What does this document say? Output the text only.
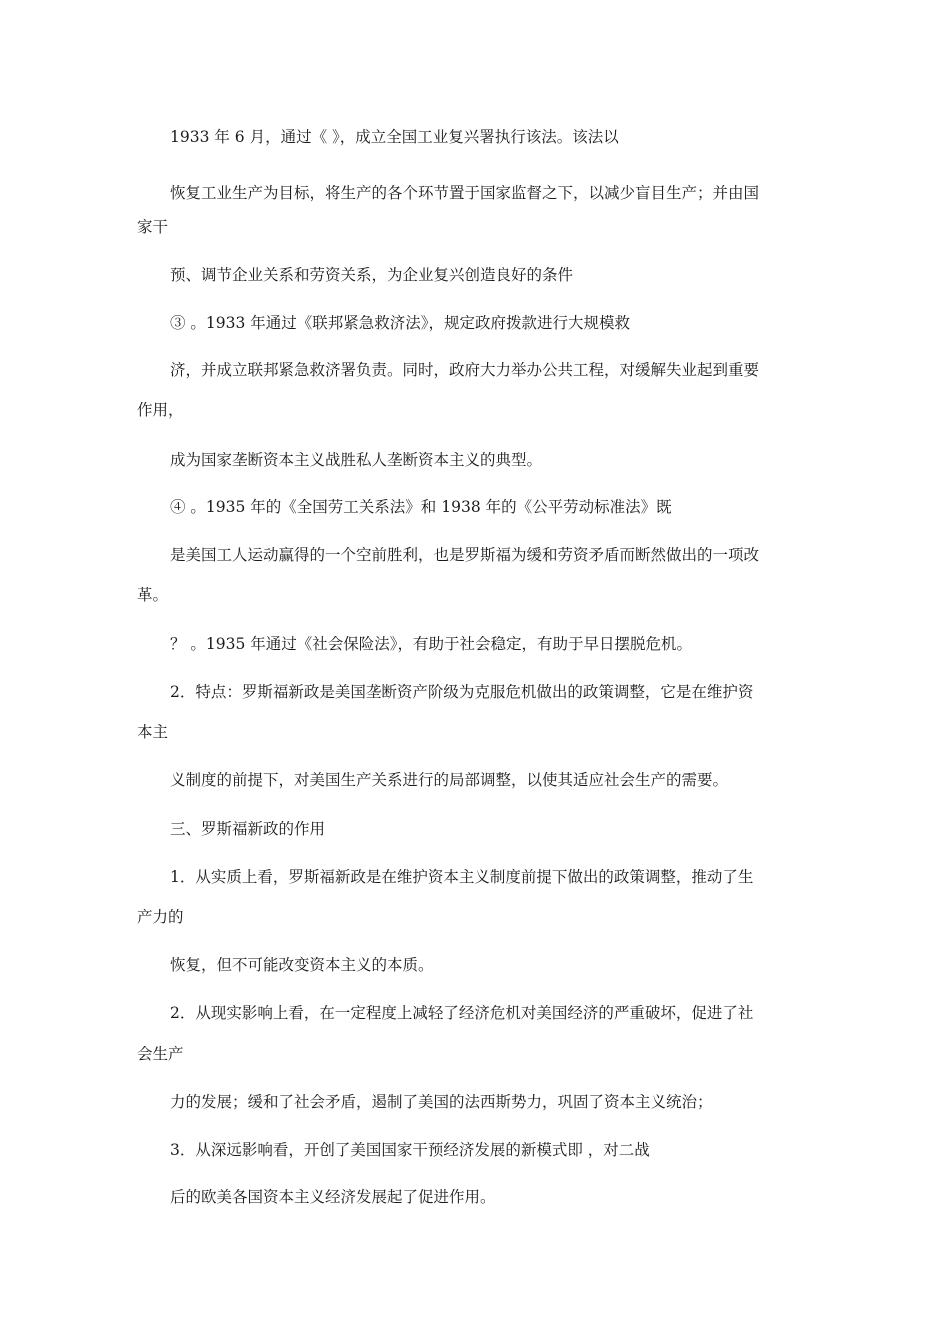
1933 年 6 月，通过《 》，成立全国工业复兴署执行该法。该法以
恢复工业生产为目标，将生产的各个环节置于国家监督之下，以减少盲目生产；并由国
家干
预、调节企业关系和劳资关系，为企业复兴创造良好的条件
③ 。1933 年通过《联邦紧急救济法》，规定政府拨款进行大规模救
济，并成立联邦紧急救济署负责。同时，政府大力举办公共工程，对缓解失业起到重要
作用，
成为国家垄断资本主义战胜私人垄断资本主义的典型。
④ 。1935 年的《全国劳工关系法》和 1938 年的《公平劳动标准法》既
是美国工人运动赢得的一个空前胜利，也是罗斯福为缓和劳资矛盾而断然做出的一项改
革。
？ 。1935 年通过《社会保险法》，有助于社会稳定，有助于早日摆脱危机。
2．特点：罗斯福新政是美国垄断资产阶级为克服危机做出的政策调整，它是在维护资
本主
义制度的前提下，对美国生产关系进行的局部调整，以使其适应社会生产的需要。
三、罗斯福新政的作用
1．从实质上看，罗斯福新政是在维护资本主义制度前提下做出的政策调整，推动了生
产力的
恢复，但不可能改变资本主义的本质。
2．从现实影响上看，在一定程度上减轻了经济危机对美国经济的严重破坏，促进了社
会生产
力的发展；缓和了社会矛盾，遏制了美国的法西斯势力，巩固了资本主义统治；
3．从深远影响看，开创了美国国家干预经济发展的新模式即 ，对二战
后的欧美各国资本主义经济发展起了促进作用。
